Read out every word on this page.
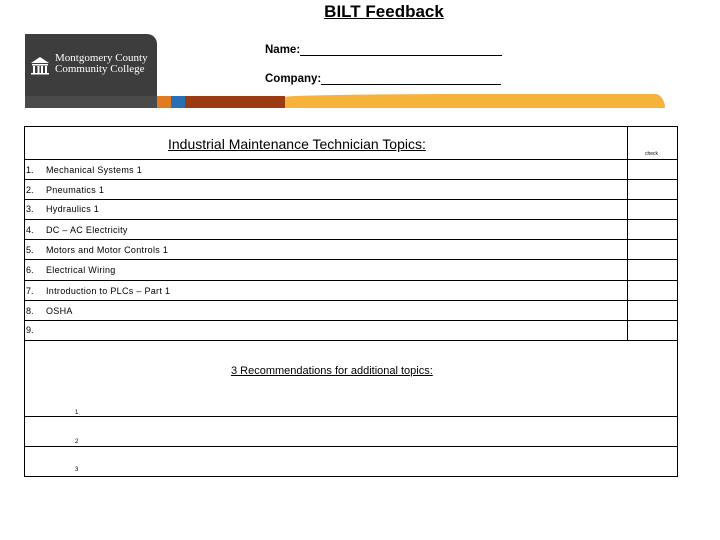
BILT Feedback
Montgomery County
Community College
Name:
Company:
Industrial Maintenance Technician Topics:
check
1. Mechanical Systems 1
2. Pneumatics 1
3. Hydraulics 1
4. DC – AC Electricity
5. Motors and Motor Controls 1
6. Electrical Wiring
7. Introduction to PLCs – Part 1
8. OSHA
9.
3 Recommendations for additional topics:
1
2
3
